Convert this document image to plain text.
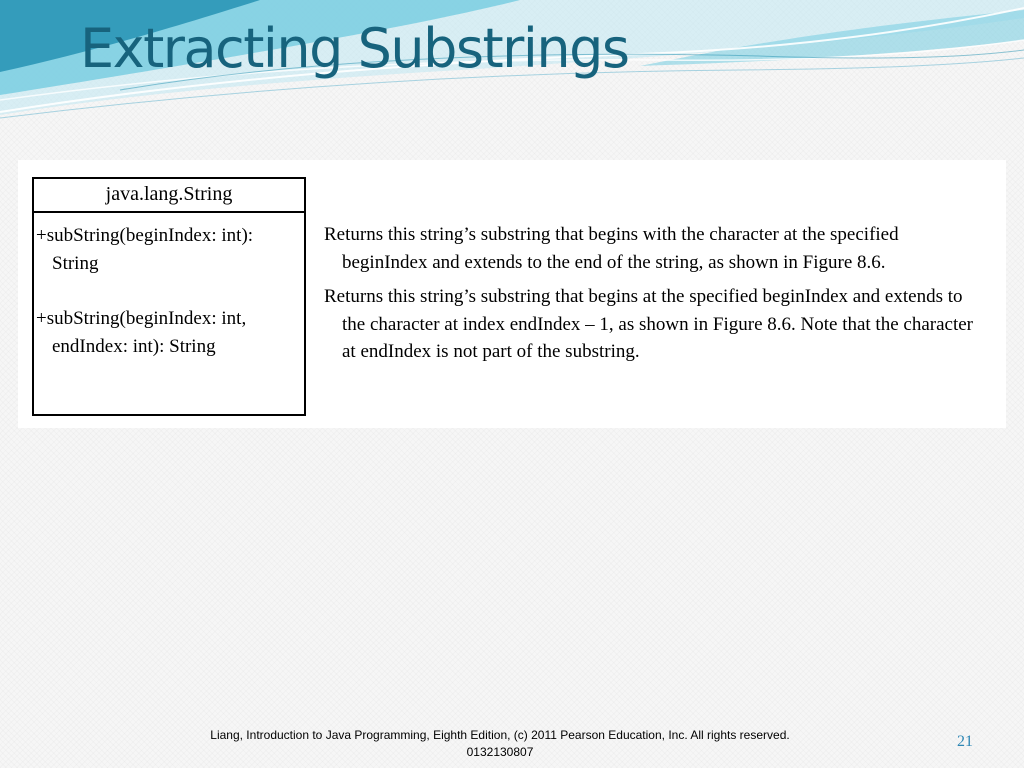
Extracting Substrings
java.lang.String
+subString(beginIndex: int):
String
+subString(beginIndex: int,
endIndex: int): String
Returns this string’s substring that begins with the character at the specified beginIndex and extends to the end of the string, as shown in Figure 8.6.
Returns this string’s substring that begins at the specified beginIndex and extends to the character at index endIndex – 1, as shown in Figure 8.6. Note that the character at endIndex is not part of the substring.
Liang, Introduction to Java Programming, Eighth Edition, (c) 2011 Pearson Education, Inc. All rights reserved. 0132130807
21
